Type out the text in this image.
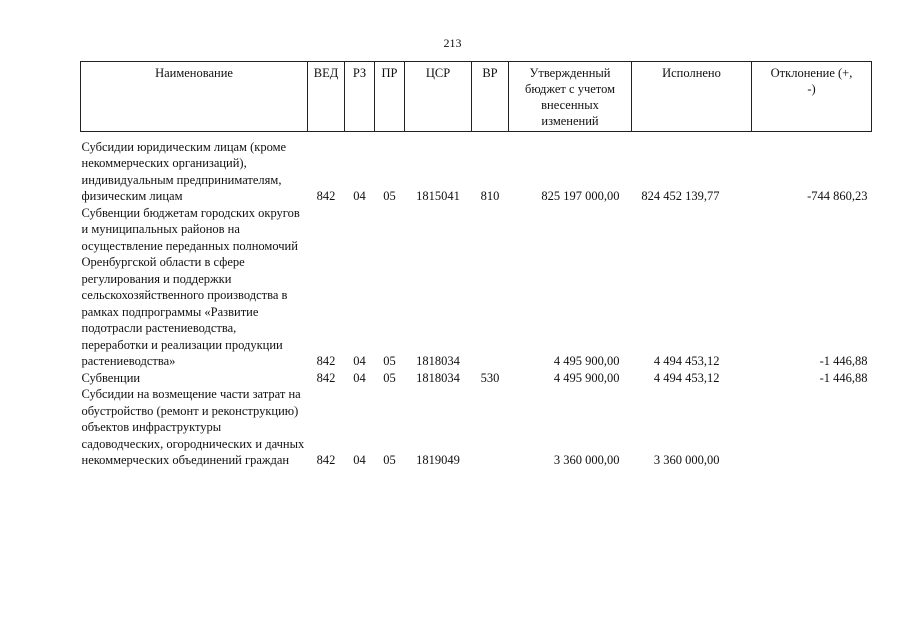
213
Наименование	ВЕД	РЗ	ПР	ЦСР	ВР	Утвержденный бюджет с учетом внесенных изменений	Исполнено	Отклонение (+, -)

Субсидии юридическим лицам (кроме некоммерческих организаций), индивидуальным предпринимателям, физическим лицам	842	04	05	1815041	810	825 197 000,00	824 452 139,77	-744 860,23
Субвенции бюджетам городских округов и муниципальных районов на осуществление переданных полномочий Оренбургской области в сфере регулирования и поддержки сельскохозяйственного производства в рамках подпрограммы «Развитие подотрасли растениеводства, переработки и реализации продукции растениеводства»	842	04	05	1818034		4 495 900,00	4 494 453,12	-1 446,88
Субвенции	842	04	05	1818034	530	4 495 900,00	4 494 453,12	-1 446,88
Субсидии на возмещение части затрат на обустройство (ремонт и реконструкцию) объектов инфраструктуры садоводческих, огороднических и дачных некоммерческих объединений граждан	842	04	05	1819049		3 360 000,00	3 360 000,00	
